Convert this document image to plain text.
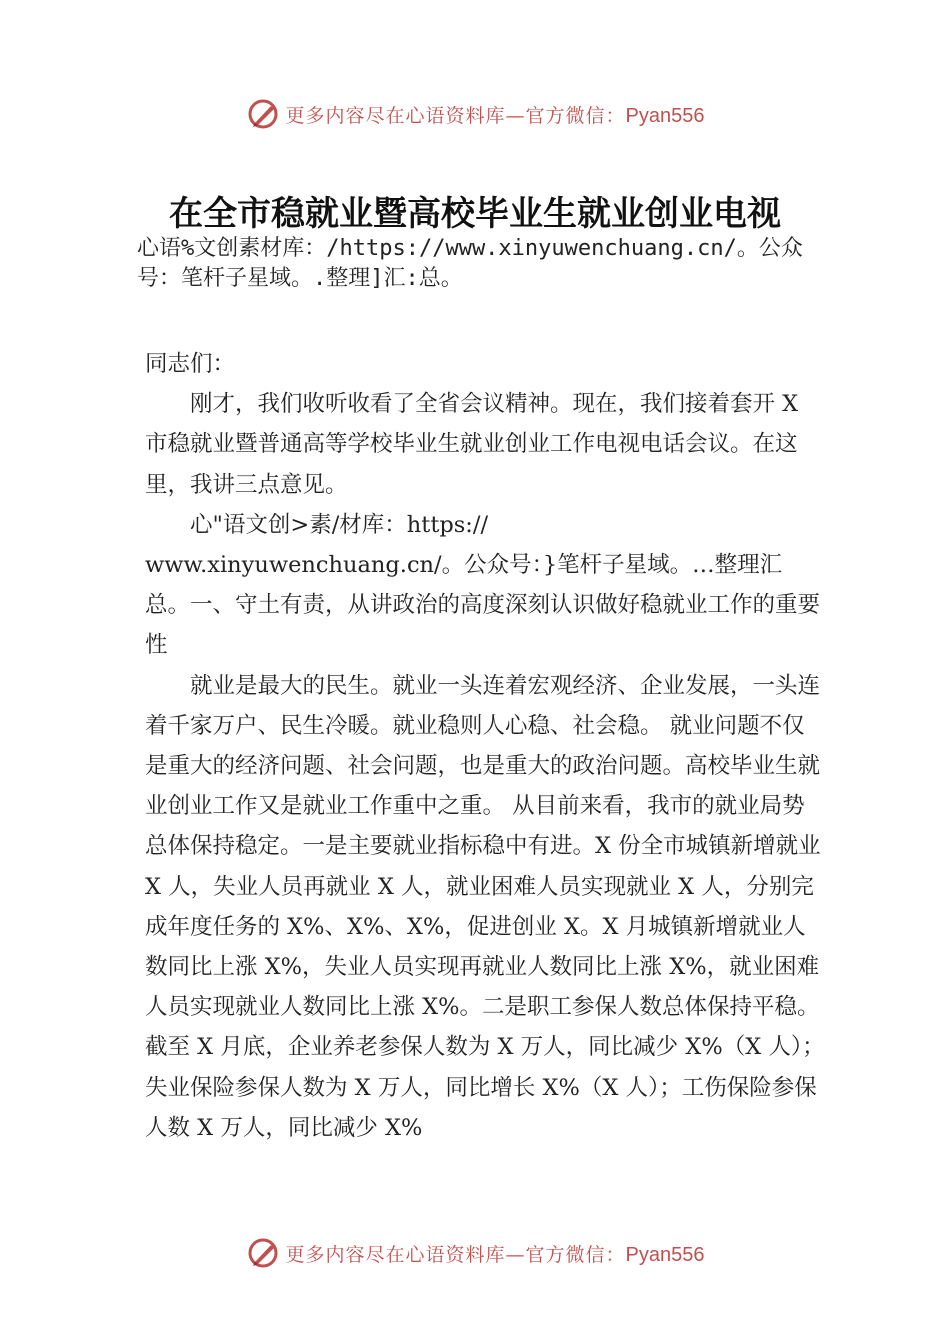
更多内容尽在心语资料库—官方微信：Pyan556
在全市稳就业暨高校毕业生就业创业电视
心语%文创素材库：/https://www.xinyuwenchuang.cn/。公众号：笔杆子星域。.整理]汇:总。

同志们：

刚才，我们收听收看了全省会议精神。现在，我们接着套开 X 市稳就业暨普通高等学校毕业生就业创业工作电视电话会议。在这里，我讲三点意见。

心"语文创>素/材库：https://
www.xinyuwenchuang.cn/。公众号：}笔杆子星域。…整理汇总。一、守土有责，从讲政治的高度深刻认识做好稳就业工作的重要性

就业是最大的民生。就业一头连着宏观经济、企业发展，一头连着千家万户、民生冷暖。就业稳则人心稳、社会稳。 就业问题不仅是重大的经济问题、社会问题，也是重大的政治问题。高校毕业生就业创业工作又是就业工作重中之重。 从目前来看，我市的就业局势总体保持稳定。一是主要就业指标稳中有进。X 份全市城镇新增就业 X 人，失业人员再就业 X 人，就业困难人员实现就业 X 人，分别完成年度任务的 X%、X%、X%，促进创业 X。X 月城镇新增就业人数同比上涨 X%，失业人员实现再就业人数同比上涨 X%，就业困难人员实现就业人数同比上涨 X%。二是职工参保人数总体保持平稳。截至 X 月底，企业养老参保人数为 X 万人，同比减少 X%（X 人）；失业保险参保人数为 X 万人，同比增长 X%（X 人）；工伤保险参保人数 X 万人，同比减少 X%

更多内容尽在心语资料库—官方微信：Pyan556
